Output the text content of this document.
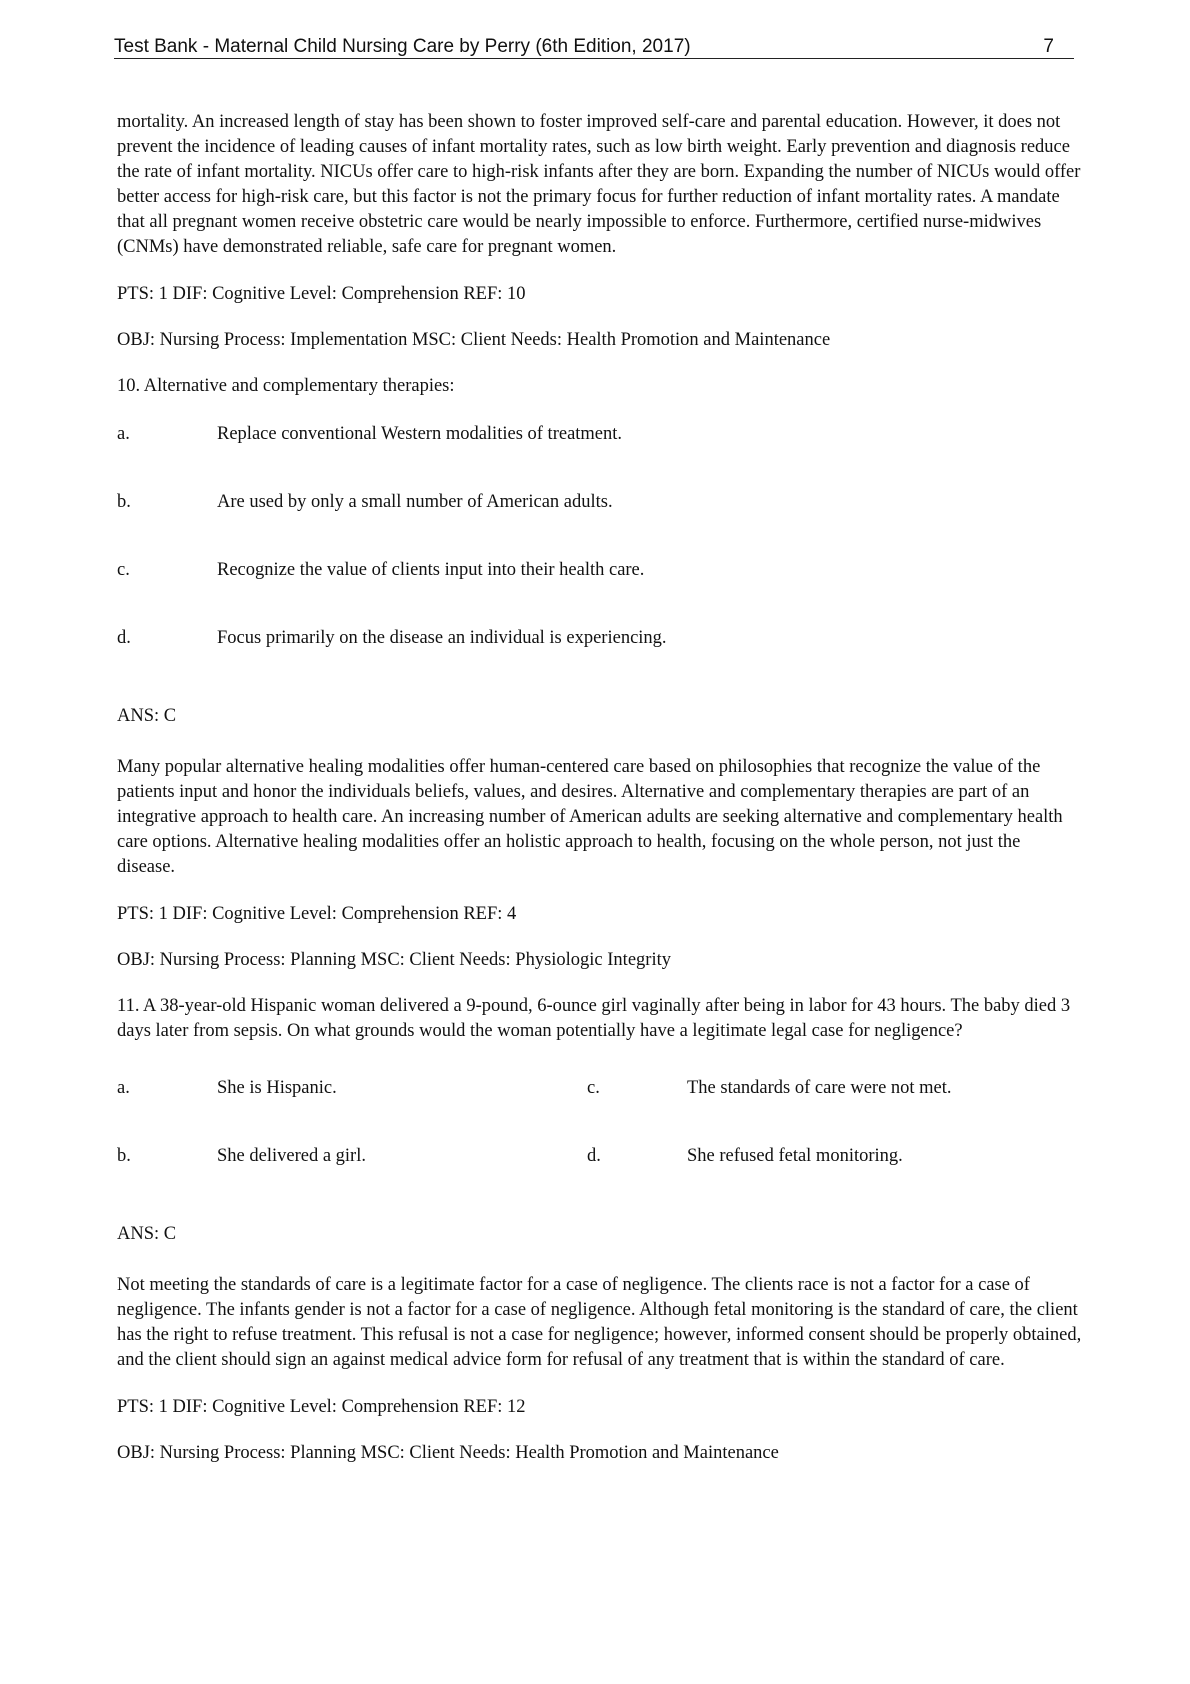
Test Bank - Maternal Child Nursing Care by Perry (6th Edition, 2017)	7

mortality. An increased length of stay has been shown to foster improved self-care and parental education. However, it does not prevent the incidence of leading causes of infant mortality rates, such as low birth weight. Early prevention and diagnosis reduce the rate of infant mortality. NICUs offer care to high-risk infants after they are born. Expanding the number of NICUs would offer better access for high-risk care, but this factor is not the primary focus for further reduction of infant mortality rates. A mandate that all pregnant women receive obstetric care would be nearly impossible to enforce. Furthermore, certified nurse-midwives (CNMs) have demonstrated reliable, safe care for pregnant women.

PTS: 1 DIF: Cognitive Level: Comprehension REF: 10

OBJ: Nursing Process: Implementation MSC: Client Needs: Health Promotion and Maintenance

10. Alternative and complementary therapies:

a.	Replace conventional Western modalities of treatment.
b.	Are used by only a small number of American adults.
c.	Recognize the value of clients input into their health care.
d.	Focus primarily on the disease an individual is experiencing.

ANS: C

Many popular alternative healing modalities offer human-centered care based on philosophies that recognize the value of the patients input and honor the individuals beliefs, values, and desires. Alternative and complementary therapies are part of an integrative approach to health care. An increasing number of American adults are seeking alternative and complementary health care options. Alternative healing modalities offer an holistic approach to health, focusing on the whole person, not just the disease.

PTS: 1 DIF: Cognitive Level: Comprehension REF: 4

OBJ: Nursing Process: Planning MSC: Client Needs: Physiologic Integrity

11. A 38-year-old Hispanic woman delivered a 9-pound, 6-ounce girl vaginally after being in labor for 43 hours. The baby died 3 days later from sepsis. On what grounds would the woman potentially have a legitimate legal case for negligence?

a.	She is Hispanic.	c.	The standards of care were not met.
b.	She delivered a girl.	d.	She refused fetal monitoring.

ANS: C

Not meeting the standards of care is a legitimate factor for a case of negligence. The clients race is not a factor for a case of negligence. The infants gender is not a factor for a case of negligence. Although fetal monitoring is the standard of care, the client has the right to refuse treatment. This refusal is not a case for negligence; however, informed consent should be properly obtained, and the client should sign an against medical advice form for refusal of any treatment that is within the standard of care.

PTS: 1 DIF: Cognitive Level: Comprehension REF: 12

OBJ: Nursing Process: Planning MSC: Client Needs: Health Promotion and Maintenance
